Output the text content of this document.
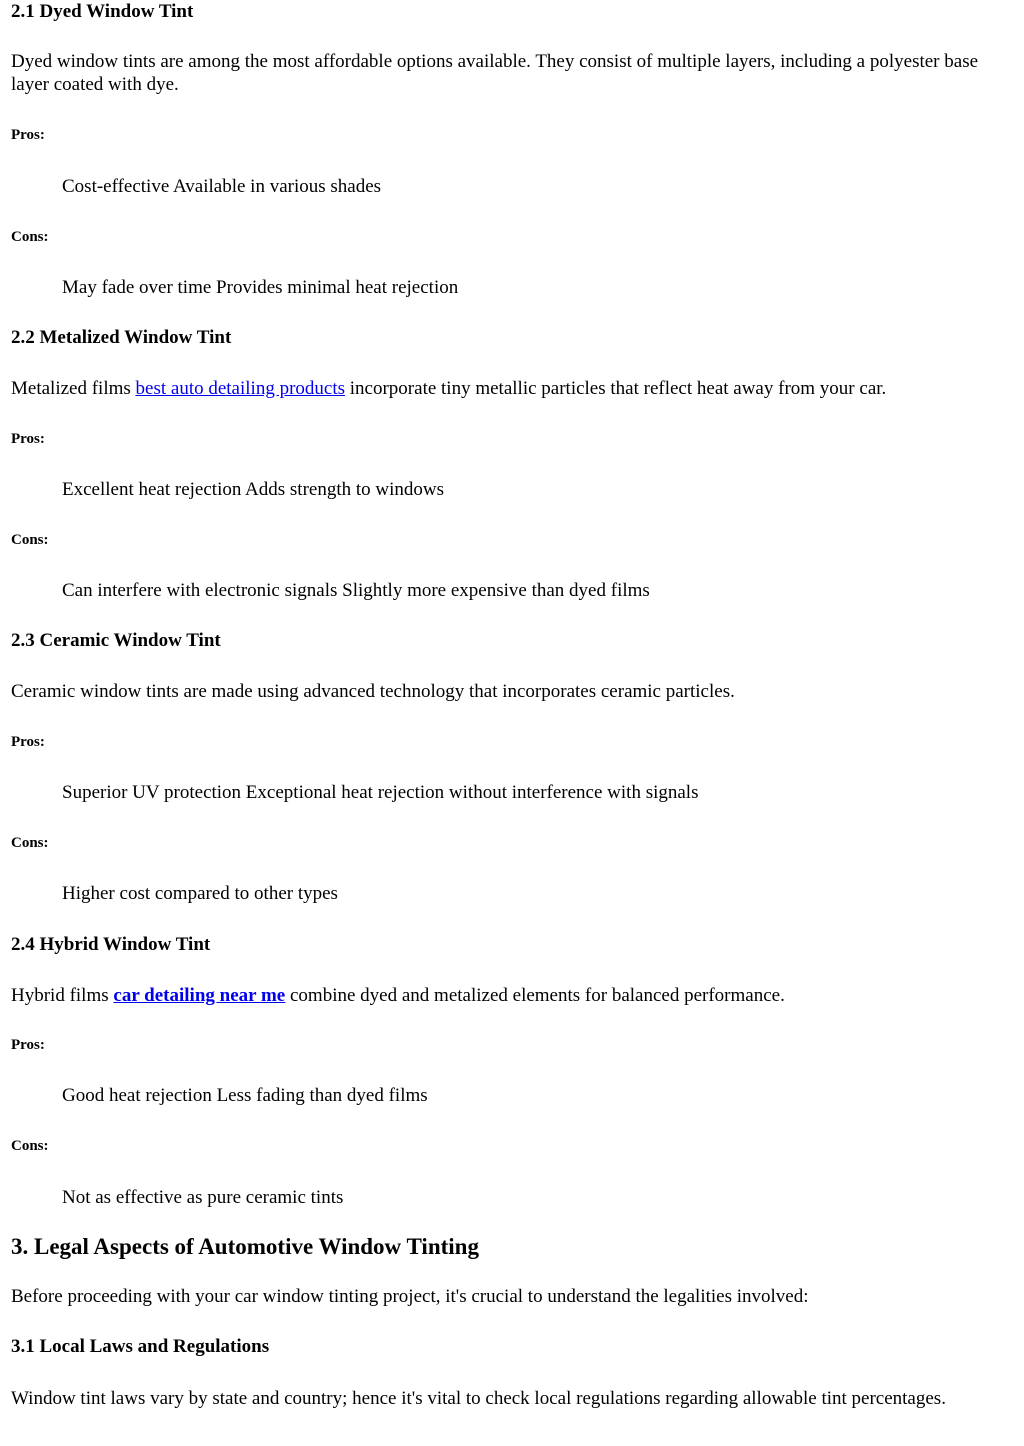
2.1 Dyed Window Tint

Dyed window tints are among the most affordable options available. They consist of multiple layers, including a polyester base layer coated with dye.

Pros:

Cost-effective Available in various shades

Cons:

May fade over time Provides minimal heat rejection

2.2 Metalized Window Tint

Metalized films best auto detailing products incorporate tiny metallic particles that reflect heat away from your car.

Pros:

Excellent heat rejection Adds strength to windows

Cons:

Can interfere with electronic signals Slightly more expensive than dyed films

2.3 Ceramic Window Tint

Ceramic window tints are made using advanced technology that incorporates ceramic particles.

Pros:

Superior UV protection Exceptional heat rejection without interference with signals

Cons:

Higher cost compared to other types

2.4 Hybrid Window Tint

Hybrid films car detailing near me combine dyed and metalized elements for balanced performance.

Pros:

Good heat rejection Less fading than dyed films

Cons:

Not as effective as pure ceramic tints

3. Legal Aspects of Automotive Window Tinting

Before proceeding with your car window tinting project, it's crucial to understand the legalities involved:

3.1 Local Laws and Regulations

Window tint laws vary by state and country; hence it's vital to check local regulations regarding allowable tint percentages.
